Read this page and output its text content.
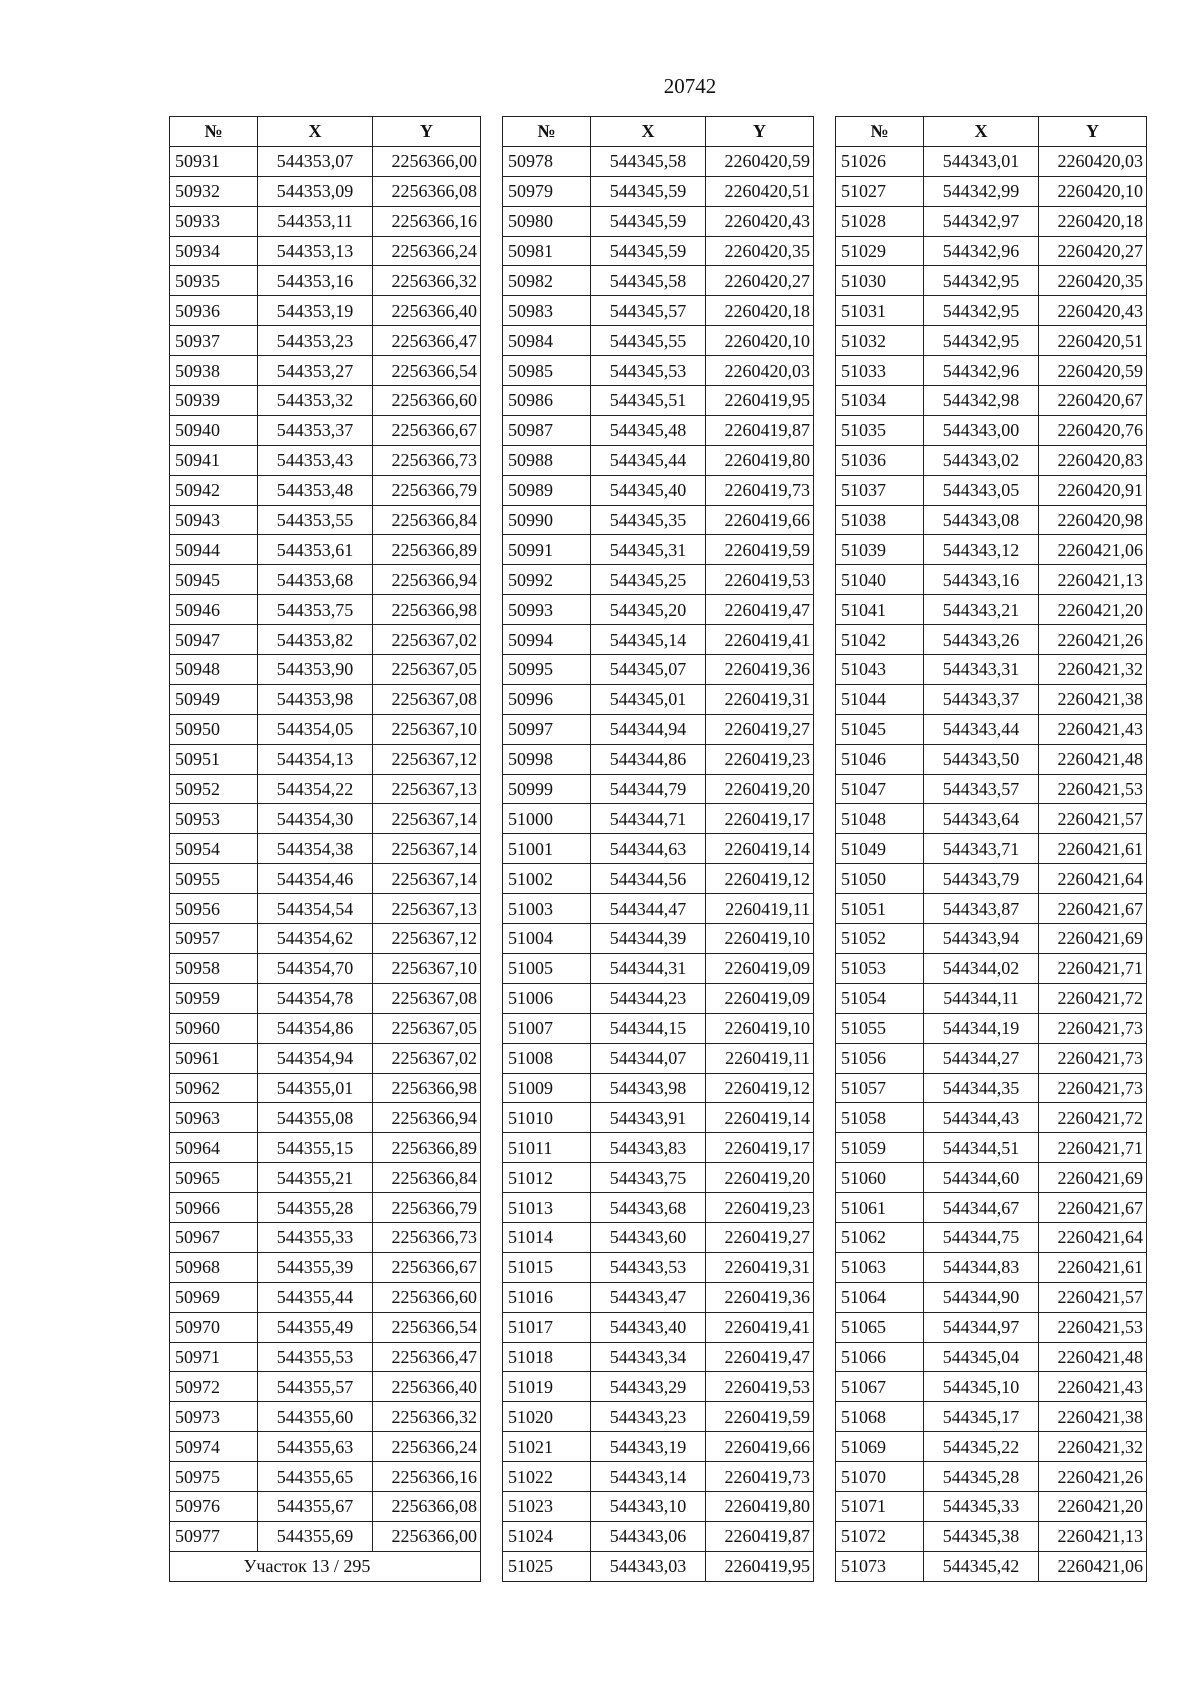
20742
№	X	Y
50931	544353,07	2256366,00
50932	544353,09	2256366,08
50933	544353,11	2256366,16
50934	544353,13	2256366,24
50935	544353,16	2256366,32
50936	544353,19	2256366,40
50937	544353,23	2256366,47
50938	544353,27	2256366,54
50939	544353,32	2256366,60
50940	544353,37	2256366,67
50941	544353,43	2256366,73
50942	544353,48	2256366,79
50943	544353,55	2256366,84
50944	544353,61	2256366,89
50945	544353,68	2256366,94
50946	544353,75	2256366,98
50947	544353,82	2256367,02
50948	544353,90	2256367,05
50949	544353,98	2256367,08
50950	544354,05	2256367,10
50951	544354,13	2256367,12
50952	544354,22	2256367,13
50953	544354,30	2256367,14
50954	544354,38	2256367,14
50955	544354,46	2256367,14
50956	544354,54	2256367,13
50957	544354,62	2256367,12
50958	544354,70	2256367,10
50959	544354,78	2256367,08
50960	544354,86	2256367,05
50961	544354,94	2256367,02
50962	544355,01	2256366,98
50963	544355,08	2256366,94
50964	544355,15	2256366,89
50965	544355,21	2256366,84
50966	544355,28	2256366,79
50967	544355,33	2256366,73
50968	544355,39	2256366,67
50969	544355,44	2256366,60
50970	544355,49	2256366,54
50971	544355,53	2256366,47
50972	544355,57	2256366,40
50973	544355,60	2256366,32
50974	544355,63	2256366,24
50975	544355,65	2256366,16
50976	544355,67	2256366,08
50977	544355,69	2256366,00
Участок 13 / 295		
№	X	Y
50978	544345,58	2260420,59
50979	544345,59	2260420,51
50980	544345,59	2260420,43
50981	544345,59	2260420,35
50982	544345,58	2260420,27
50983	544345,57	2260420,18
50984	544345,55	2260420,10
50985	544345,53	2260420,03
50986	544345,51	2260419,95
50987	544345,48	2260419,87
50988	544345,44	2260419,80
50989	544345,40	2260419,73
50990	544345,35	2260419,66
50991	544345,31	2260419,59
50992	544345,25	2260419,53
50993	544345,20	2260419,47
50994	544345,14	2260419,41
50995	544345,07	2260419,36
50996	544345,01	2260419,31
50997	544344,94	2260419,27
50998	544344,86	2260419,23
50999	544344,79	2260419,20
51000	544344,71	2260419,17
51001	544344,63	2260419,14
51002	544344,56	2260419,12
51003	544344,47	2260419,11
51004	544344,39	2260419,10
51005	544344,31	2260419,09
51006	544344,23	2260419,09
51007	544344,15	2260419,10
51008	544344,07	2260419,11
51009	544343,98	2260419,12
51010	544343,91	2260419,14
51011	544343,83	2260419,17
51012	544343,75	2260419,20
51013	544343,68	2260419,23
51014	544343,60	2260419,27
51015	544343,53	2260419,31
51016	544343,47	2260419,36
51017	544343,40	2260419,41
51018	544343,34	2260419,47
51019	544343,29	2260419,53
51020	544343,23	2260419,59
51021	544343,19	2260419,66
51022	544343,14	2260419,73
51023	544343,10	2260419,80
51024	544343,06	2260419,87
51025	544343,03	2260419,95
№	X	Y
51026	544343,01	2260420,03
51027	544342,99	2260420,10
51028	544342,97	2260420,18
51029	544342,96	2260420,27
51030	544342,95	2260420,35
51031	544342,95	2260420,43
51032	544342,95	2260420,51
51033	544342,96	2260420,59
51034	544342,98	2260420,67
51035	544343,00	2260420,76
51036	544343,02	2260420,83
51037	544343,05	2260420,91
51038	544343,08	2260420,98
51039	544343,12	2260421,06
51040	544343,16	2260421,13
51041	544343,21	2260421,20
51042	544343,26	2260421,26
51043	544343,31	2260421,32
51044	544343,37	2260421,38
51045	544343,44	2260421,43
51046	544343,50	2260421,48
51047	544343,57	2260421,53
51048	544343,64	2260421,57
51049	544343,71	2260421,61
51050	544343,79	2260421,64
51051	544343,87	2260421,67
51052	544343,94	2260421,69
51053	544344,02	2260421,71
51054	544344,11	2260421,72
51055	544344,19	2260421,73
51056	544344,27	2260421,73
51057	544344,35	2260421,73
51058	544344,43	2260421,72
51059	544344,51	2260421,71
51060	544344,60	2260421,69
51061	544344,67	2260421,67
51062	544344,75	2260421,64
51063	544344,83	2260421,61
51064	544344,90	2260421,57
51065	544344,97	2260421,53
51066	544345,04	2260421,48
51067	544345,10	2260421,43
51068	544345,17	2260421,38
51069	544345,22	2260421,32
51070	544345,28	2260421,26
51071	544345,33	2260421,20
51072	544345,38	2260421,13
51073	544345,42	2260421,06
